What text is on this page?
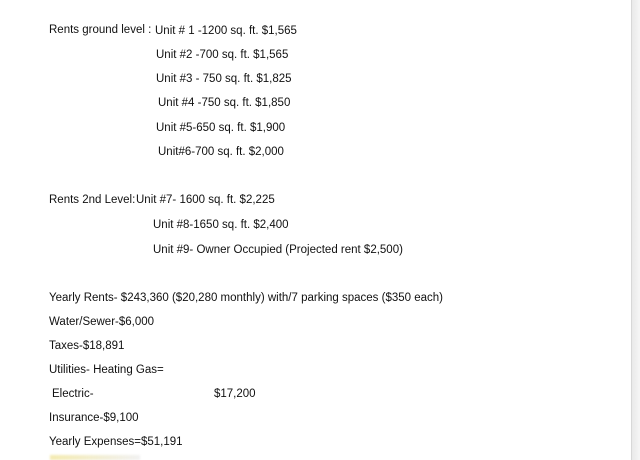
Rents ground level : Unit # 1 -1200 sq. ft. $1,565
Unit #2 -700 sq. ft. $1,565
Unit #3 - 750 sq. ft. $1,825
Unit #4 -750 sq. ft. $1,850
Unit #5-650 sq. ft. $1,900
Unit#6-700 sq. ft. $2,000
Rents 2nd Level: Unit #7- 1600 sq. ft. $2,225
Unit #8-1650 sq. ft. $2,400
Unit #9- Owner Occupied (Projected rent $2,500)
Yearly Rents- $243,360 ($20,280 monthly) with/7 parking spaces ($350 each)
Water/Sewer-$6,000
Taxes-$18,891
Utilities- Heating Gas=
Electric-	$17,200
Insurance-$9,100
Yearly Expenses=$51,191
